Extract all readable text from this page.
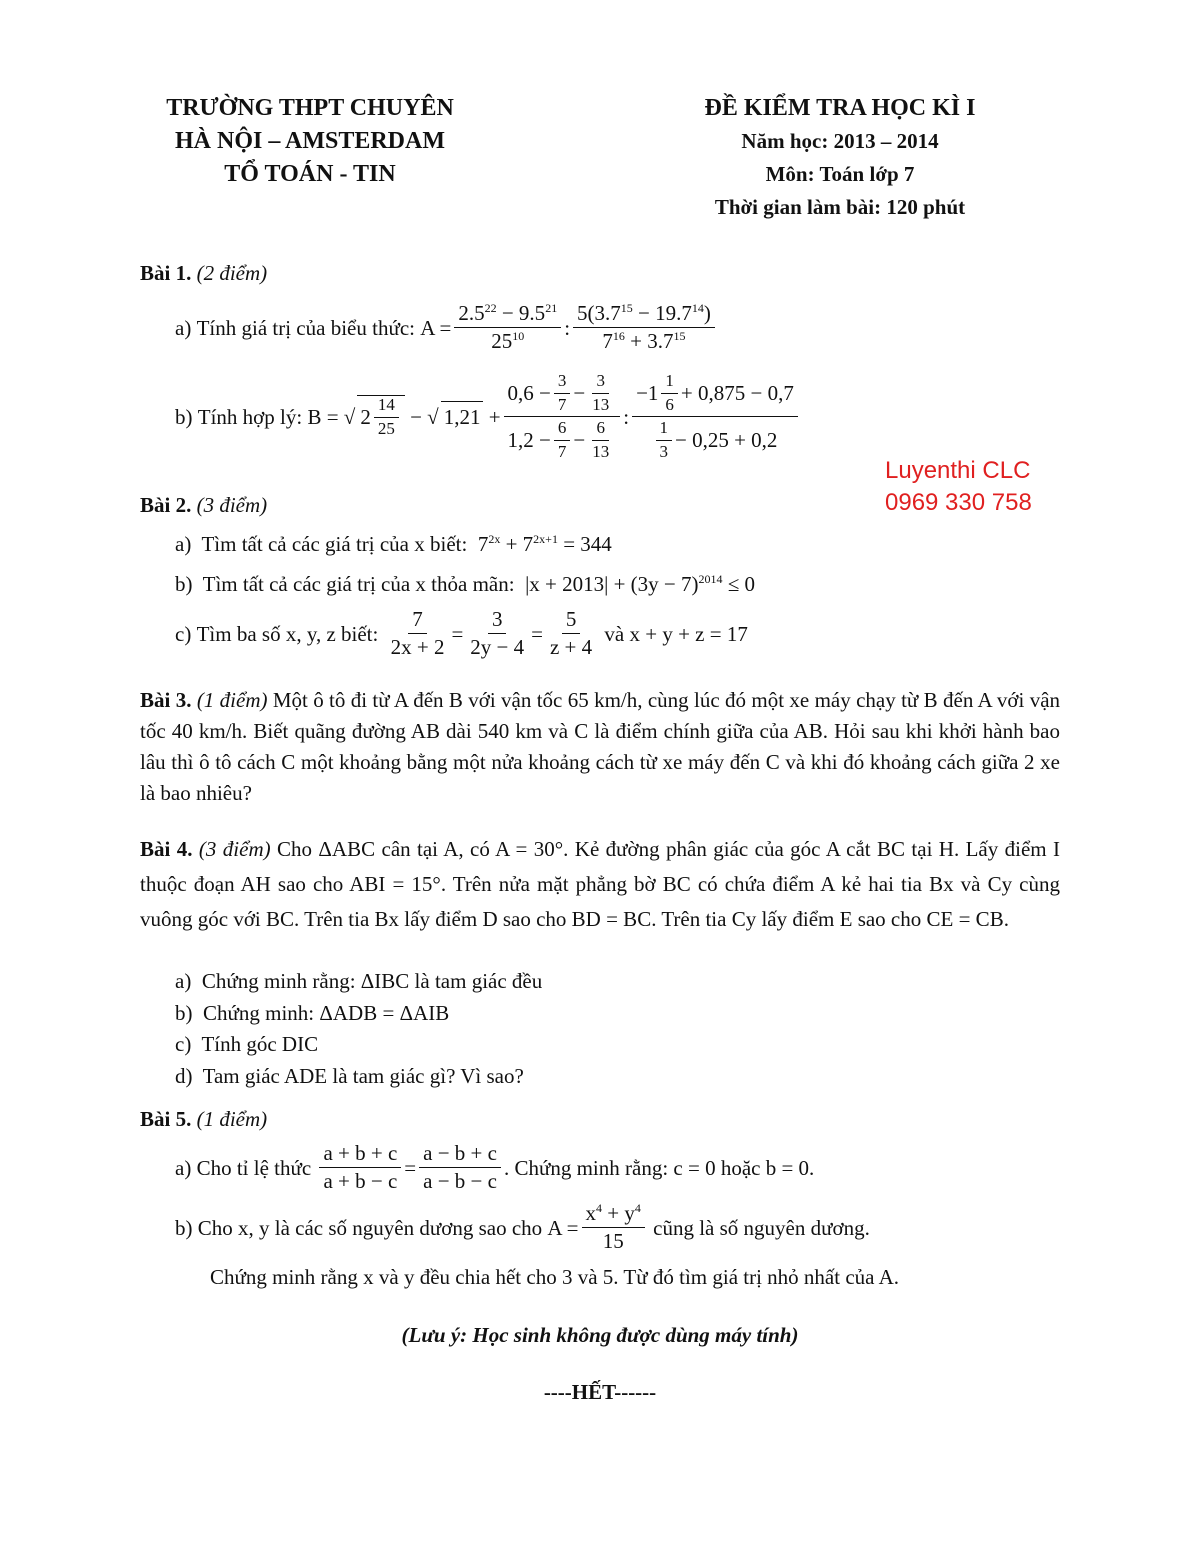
TRƯỜNG THPT CHUYÊN
HÀ NỘI – AMSTERDAM
TỔ TOÁN - TIN
ĐỀ KIỂM TRA HỌC KÌ I
Năm học: 2013 – 2014
Môn: Toán lớp 7
Thời gian làm bài: 120 phút
Luyenthi CLC
0969 330 758
Bài 1. (2 điểm)
a)
Tính giá trị của biểu thức:
$A = \frac{2.5^{22} - 9.5^{21}}{25^{10}}$ : $\frac{5(3.7^{15} - 19.7^{14})}{7^{16} + 3.7^{15}}$
b)
Tính hợp lý:
B = √ $2 \frac{14}{25}$ − √ $1,21 + \frac{0,6 - \frac{3}{7} - \frac{3}{13}}{1,2 - \frac{6}{7} - \frac{6}{13}}$ : $\frac{-1 \frac{1}{6} + 0,875 - 0,7}{\frac{1}{3} - 0,25 + 0,2}$
Bài 2. (3 điểm)
a) Tìm tất cả các giá trị của x biết: $7^{2x} + 7^{2x+1} = 344$
b) Tìm tất cả các giá trị của x thỏa mãn: $|x + 2013| + (3y - 7)^{2014} \le 0$
c)
Tìm ba số x, y, z biết:
$\frac{7}{2x + 2} = \frac{3}{2y - 4} = \frac{5}{z + 4}$
và x + y + z = 17
Bài 3. (1 điểm) Một ô tô đi từ A đến B với vận tốc 65 km/h, cùng lúc đó một xe máy chạy từ B đến A với vận tốc 40 km/h. Biết quãng đường AB dài 540 km và C là điểm chính giữa của AB. Hỏi sau khi khởi hành bao lâu thì ô tô cách C một khoảng bằng một nửa khoảng cách từ xe máy đến C và khi đó khoảng cách giữa 2 xe là bao nhiêu?
Bài 4. (3 điểm) Cho ΔABC cân tại A, có A = 30°. Kẻ đường phân giác của góc A cắt BC tại H. Lấy điểm I thuộc đoạn AH sao cho ABI = 15°. Trên nửa mặt phẳng bờ BC có chứa điểm A kẻ hai tia Bx và Cy cùng vuông góc với BC. Trên tia Bx lấy điểm D sao cho BD = BC. Trên tia Cy lấy điểm E sao cho CE = CB.
a) Chứng minh rằng: ΔIBC là tam giác đều
b) Chứng minh: ΔADB = ΔAIB
c) Tính góc DIC
d) Tam giác ADE là tam giác gì? Vì sao?
Bài 5. (1 điểm)
a)
Cho tỉ lệ thức
$\frac{a + b + c}{a + b - c} = \frac{a - b + c}{a - b - c}$ . Chứng minh rằng: c = 0 hoặc b = 0.
b)
Cho x, y là các số nguyên dương sao cho
$A = \frac{x^4 + y^4}{15}$
cũng là số nguyên dương.
Chứng minh rằng x và y đều chia hết cho 3 và 5. Từ đó tìm giá trị nhỏ nhất của A.
(Lưu ý: Học sinh không được dùng máy tính)
----HẾT------
